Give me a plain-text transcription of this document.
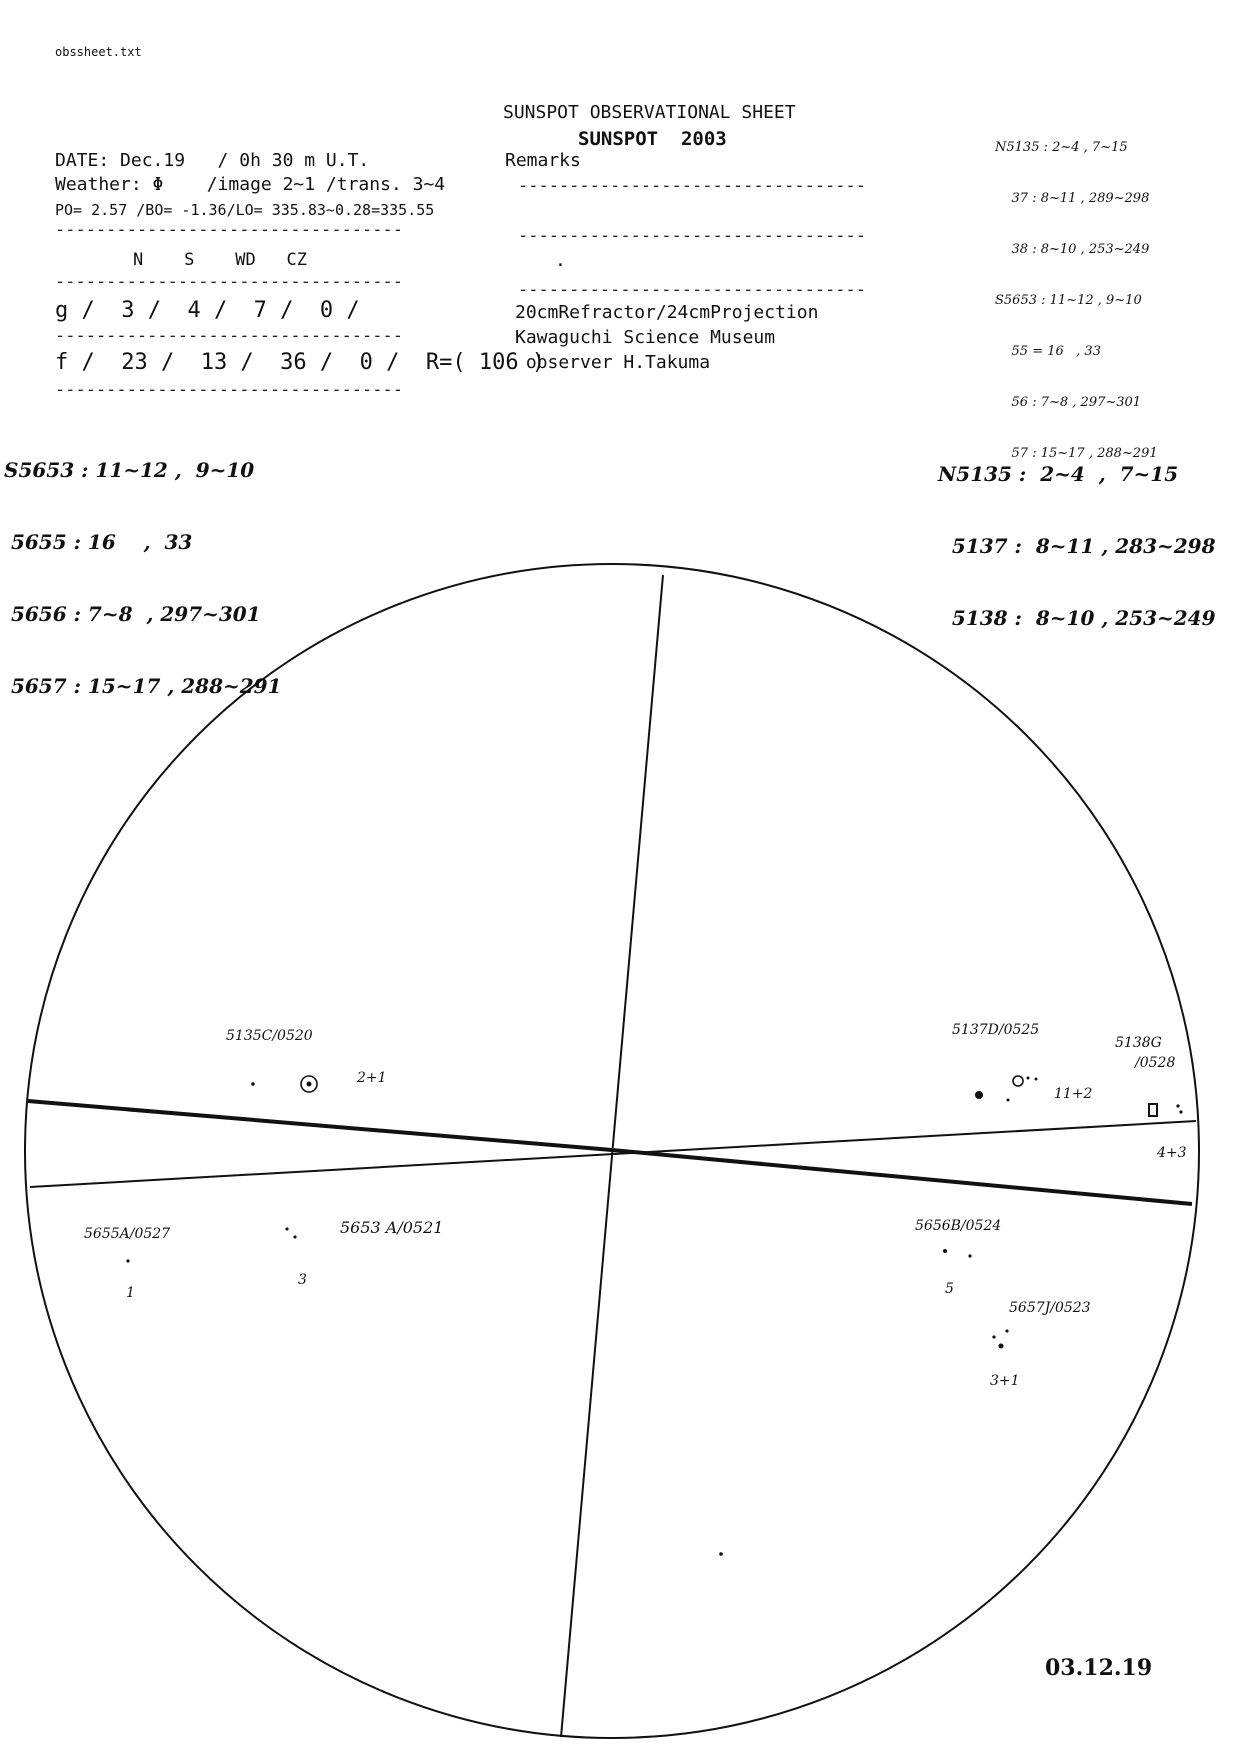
obssheet.txt
SUNSPOT OBSERVATIONAL SHEET
SUNSPOT  2003
DATE: Dec.19   / 0h 30 m U.T.
Weather: Φ    /image 2~1 /trans. 3~4
PO= 2.57 /BO= -1.36/LO= 335.83~0.28=335.55
----------------------------------
N    S    WD   CZ
----------------------------------
g /  3 /  4 /  7 /  0 /
----------------------------------
f /  23 /  13 /  36 /  0 /  R=( 106 )
----------------------------------
Remarks
----------------------------------
----------------------------------
.
----------------------------------
20cmRefractor/24cmProjection
Kawaguchi Science Museum
observer H.Takuma

N5135 : 2~4 , 7~15

37 : 8~11 , 289~298

38 : 8~10 , 253~249

S5653 : 11~12 , 9~10

55 = 16   , 33

56 : 7~8 , 297~301

57 : 15~17 , 288~291

S5653 : 11~12 ,  9~10

5655 : 16    ,  33

5656 : 7~8  , 297~301

5657 : 15~17 , 288~291

N5135 :  2~4  ,  7~15

5137 :  8~11 , 283~298

5138 :  8~10 , 253~249

5135C/0520
2+1
5137D/0525
11+2
5138G
/0528
4+3
5655A/0527
1
5653 A/0521
3
5656B/0524
5
5657J/0523
3+1
03.12.19
